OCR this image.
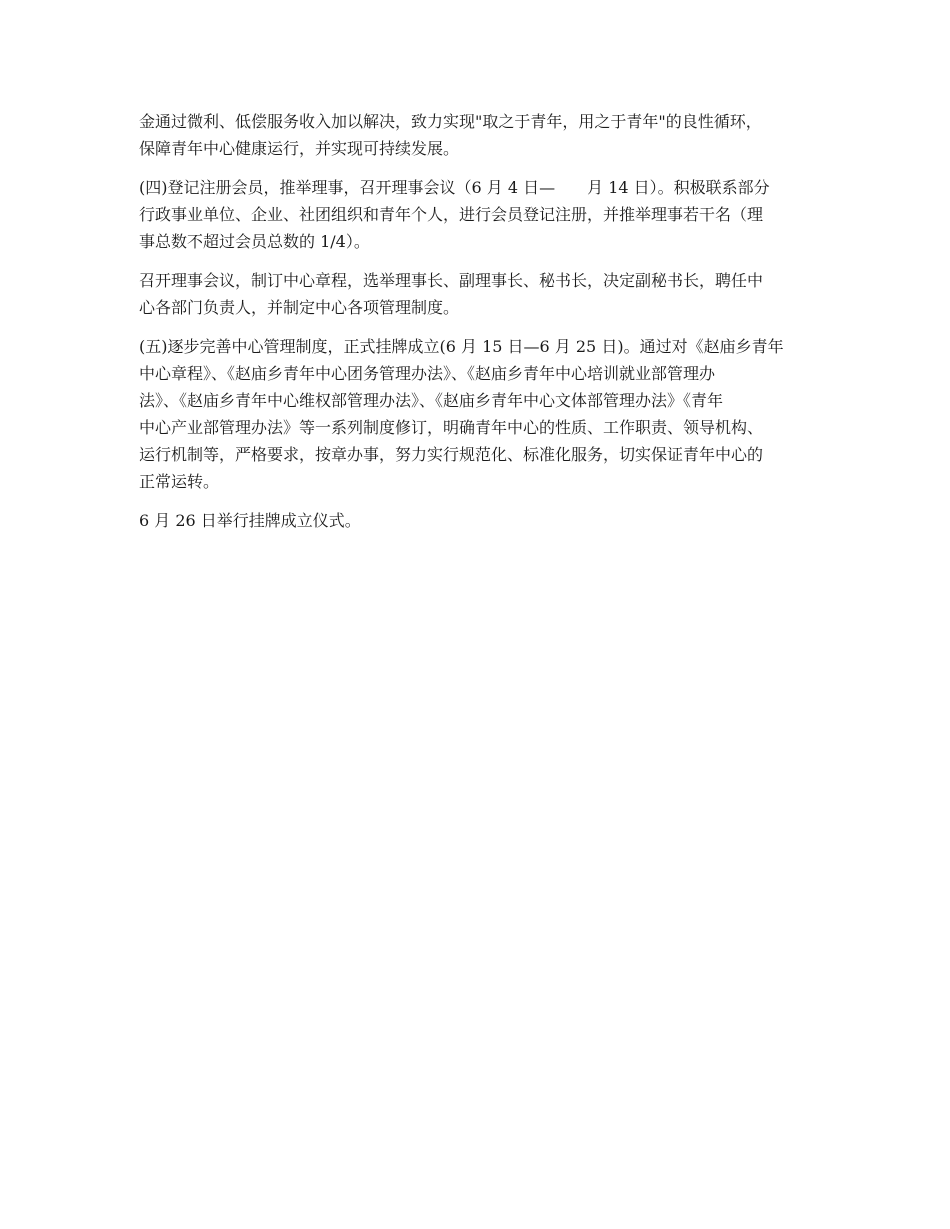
金通过微利、低偿服务收入加以解决，致力实现"取之于青年，用之于青年"的良性循环，
保障青年中心健康运行，并实现可持续发展。

(四)登记注册会员，推举理事，召开理事会议（6 月 4 日—　　月 14 日）。积极联系部分
行政事业单位、企业、社团组织和青年个人，进行会员登记注册，并推举理事若干名（理
事总数不超过会员总数的 1/4）。

召开理事会议，制订中心章程，选举理事长、副理事长、秘书长，决定副秘书长，聘任中
心各部门负责人，并制定中心各项管理制度。

(五)逐步完善中心管理制度，正式挂牌成立(6 月 15 日—6 月 25 日)。通过对《赵庙乡青年
中心章程》、《赵庙乡青年中心团务管理办法》、《赵庙乡青年中心培训就业部管理办
法》、《赵庙乡青年中心维权部管理办法》、《赵庙乡青年中心文体部管理办法》《青年
中心产业部管理办法》等一系列制度修订，明确青年中心的性质、工作职责、领导机构、
运行机制等，严格要求，按章办事，努力实行规范化、标准化服务，切实保证青年中心的
正常运转。

6 月 26 日举行挂牌成立仪式。
